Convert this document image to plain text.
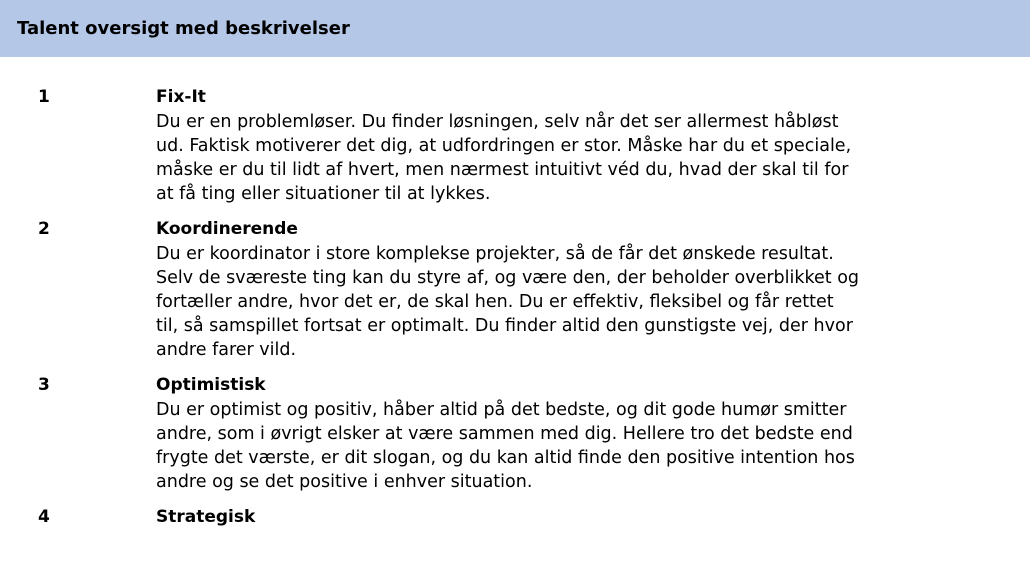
Talent oversigt med beskrivelser
1	Fix-It
Du er en problemløser. Du finder løsningen, selv når det ser allermest håbløst
ud. Faktisk motiverer det dig, at udfordringen er stor. Måske har du et speciale,
måske er du til lidt af hvert, men nærmest intuitivt véd du, hvad der skal til for
at få ting eller situationer til at lykkes.
2	Koordinerende
Du er koordinator i store komplekse projekter, så de får det ønskede resultat.
Selv de sværeste ting kan du styre af, og være den, der beholder overblikket og
fortæller andre, hvor det er, de skal hen. Du er effektiv, fleksibel og får rettet
til, så samspillet fortsat er optimalt. Du finder altid den gunstigste vej, der hvor
andre farer vild.
3	Optimistisk
Du er optimist og positiv, håber altid på det bedste, og dit gode humør smitter
andre, som i øvrigt elsker at være sammen med dig. Hellere tro det bedste end
frygte det værste, er dit slogan, og du kan altid finde den positive intention hos
andre og se det positive i enhver situation.
4	Strategisk
